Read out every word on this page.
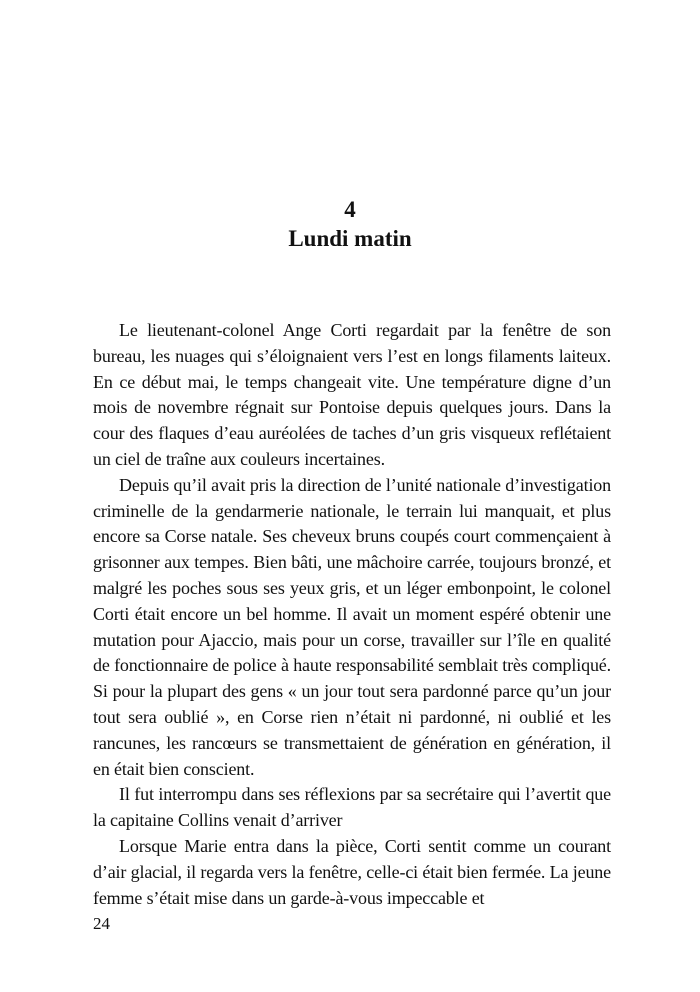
4
Lundi matin

Le lieutenant-colonel Ange Corti regardait par la fenêtre de son bureau, les nuages qui s’éloignaient vers l’est en longs filaments laiteux. En ce début mai, le temps changeait vite. Une température digne d’un mois de novembre régnait sur Pontoise depuis quelques jours. Dans la cour des flaques d’eau auréolées de taches d’un gris visqueux reflétaient un ciel de traîne aux couleurs incertaines.

Depuis qu’il avait pris la direction de l’unité nationale d’investigation criminelle de la gendarmerie nationale, le terrain lui manquait, et plus encore sa Corse natale. Ses cheveux bruns coupés court commençaient à grisonner aux tempes. Bien bâti, une mâchoire carrée, toujours bronzé, et malgré les poches sous ses yeux gris, et un léger embonpoint, le colonel Corti était encore un bel homme. Il avait un moment espéré obtenir une mutation pour Ajaccio, mais pour un corse, travailler sur l’île en qualité de fonctionnaire de police à haute responsabilité semblait très compliqué. Si pour la plupart des gens « un jour tout sera pardonné parce qu’un jour tout sera oublié », en Corse rien n’était ni pardonné, ni oublié et les rancunes, les rancœurs se transmettaient de génération en génération, il en était bien conscient.

Il fut interrompu dans ses réflexions par sa secrétaire qui l’avertit que la capitaine Collins venait d’arriver

Lorsque Marie entra dans la pièce, Corti sentit comme un courant d’air glacial, il regarda vers la fenêtre, celle-ci était bien fermée. La jeune femme s’était mise dans un garde-à-vous impeccable et

24
